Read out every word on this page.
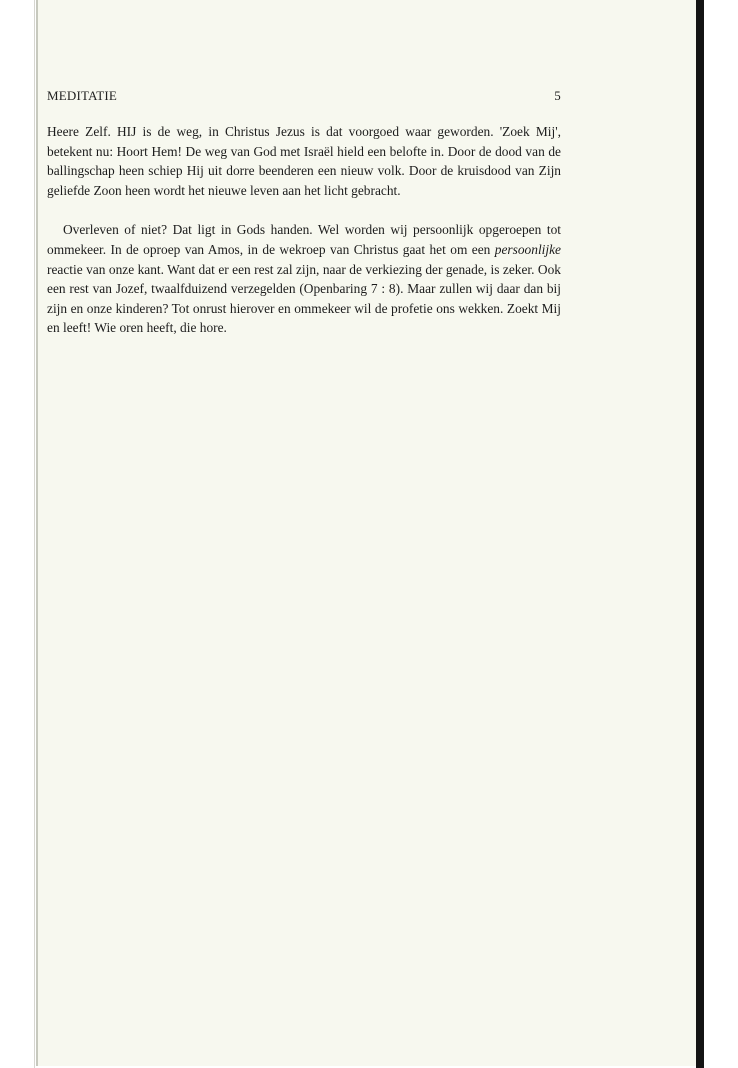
MEDITATIE	5

Heere Zelf. HIJ is de weg, in Christus Jezus is dat voorgoed waar geworden. 'Zoek Mij', betekent nu: Hoort Hem! De weg van God met Israël hield een belofte in. Door de dood van de ballingschap heen schiep Hij uit dorre beenderen een nieuw volk. Door de kruisdood van Zijn geliefde Zoon heen wordt het nieuwe leven aan het licht gebracht.

Overleven of niet? Dat ligt in Gods handen. Wel worden wij persoonlijk opgeroepen tot ommekeer. In de oproep van Amos, in de wekroep van Christus gaat het om een persoonlijke reactie van onze kant. Want dat er een rest zal zijn, naar de verkiezing der genade, is zeker. Ook een rest van Jozef, twaalfduizend verzegelden (Openbaring 7 : 8). Maar zullen wij daar dan bij zijn en onze kinderen? Tot onrust hierover en ommekeer wil de profetie ons wekken. Zoekt Mij en leeft! Wie oren heeft, die hore.
